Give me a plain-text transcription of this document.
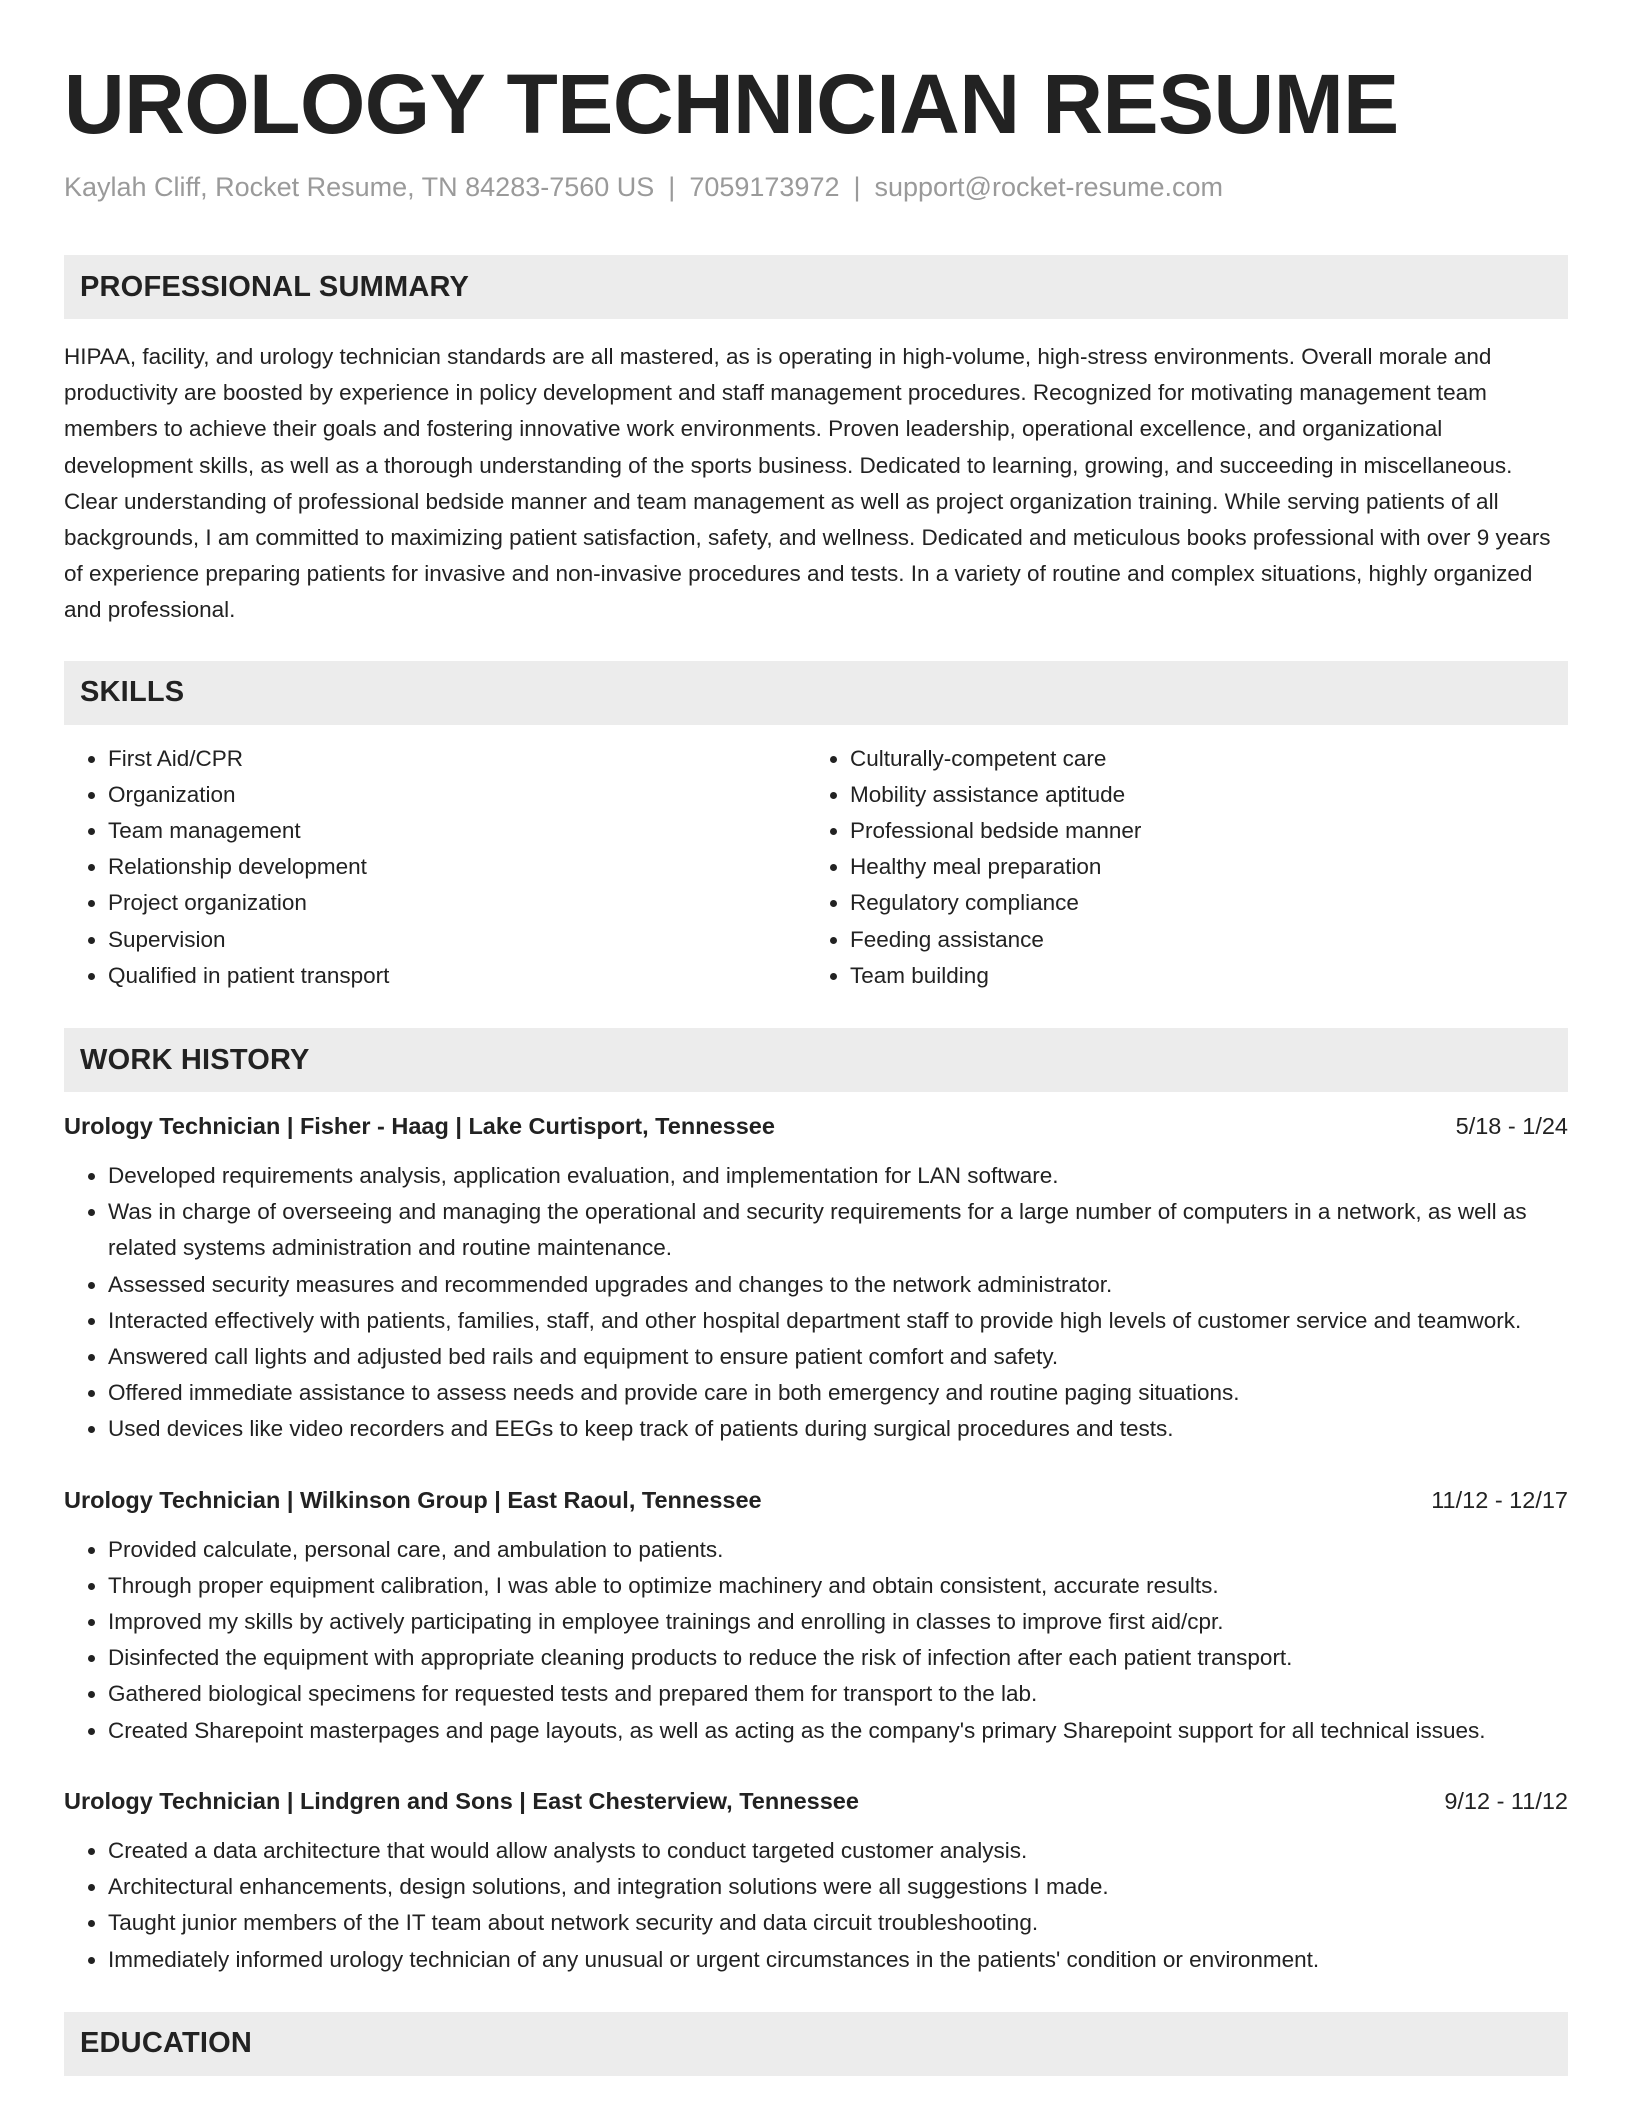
UROLOGY TECHNICIAN RESUME
Kaylah Cliff, Rocket Resume, TN 84283-7560 US | 7059173972 | support@rocket-resume.com
PROFESSIONAL SUMMARY

HIPAA, facility, and urology technician standards are all mastered, as is operating in high-volume, high-stress environments. Overall morale and productivity are boosted by experience in policy development and staff management procedures. Recognized for motivating management team members to achieve their goals and fostering innovative work environments. Proven leadership, operational excellence, and organizational development skills, as well as a thorough understanding of the sports business. Dedicated to learning, growing, and succeeding in miscellaneous. Clear understanding of professional bedside manner and team management as well as project organization training. While serving patients of all backgrounds, I am committed to maximizing patient satisfaction, safety, and wellness. Dedicated and meticulous books professional with over 9 years of experience preparing patients for invasive and non-invasive procedures and tests. In a variety of routine and complex situations, highly organized and professional.

SKILLS
• First Aid/CPR
• Organization
• Team management
• Relationship development
• Project organization
• Supervision
• Qualified in patient transport
• Culturally-competent care
• Mobility assistance aptitude
• Professional bedside manner
• Healthy meal preparation
• Regulatory compliance
• Feeding assistance
• Team building
WORK HISTORY
Urology Technician | Fisher - Haag | Lake Curtisport, Tennessee	5/18 - 1/24
• Developed requirements analysis, application evaluation, and implementation for LAN software.
• Was in charge of overseeing and managing the operational and security requirements for a large number of computers in a network, as well as related systems administration and routine maintenance.
• Assessed security measures and recommended upgrades and changes to the network administrator.
• Interacted effectively with patients, families, staff, and other hospital department staff to provide high levels of customer service and teamwork.
• Answered call lights and adjusted bed rails and equipment to ensure patient comfort and safety.
• Offered immediate assistance to assess needs and provide care in both emergency and routine paging situations.
• Used devices like video recorders and EEGs to keep track of patients during surgical procedures and tests.
Urology Technician | Wilkinson Group | East Raoul, Tennessee	11/12 - 12/17
• Provided calculate, personal care, and ambulation to patients.
• Through proper equipment calibration, I was able to optimize machinery and obtain consistent, accurate results.
• Improved my skills by actively participating in employee trainings and enrolling in classes to improve first aid/cpr.
• Disinfected the equipment with appropriate cleaning products to reduce the risk of infection after each patient transport.
• Gathered biological specimens for requested tests and prepared them for transport to the lab.
• Created Sharepoint masterpages and page layouts, as well as acting as the company's primary Sharepoint support for all technical issues.
Urology Technician | Lindgren and Sons | East Chesterview, Tennessee	9/12 - 11/12
• Created a data architecture that would allow analysts to conduct targeted customer analysis.
• Architectural enhancements, design solutions, and integration solutions were all suggestions I made.
• Taught junior members of the IT team about network security and data circuit troubleshooting.
• Immediately informed urology technician of any unusual or urgent circumstances in the patients' condition or environment.
EDUCATION
